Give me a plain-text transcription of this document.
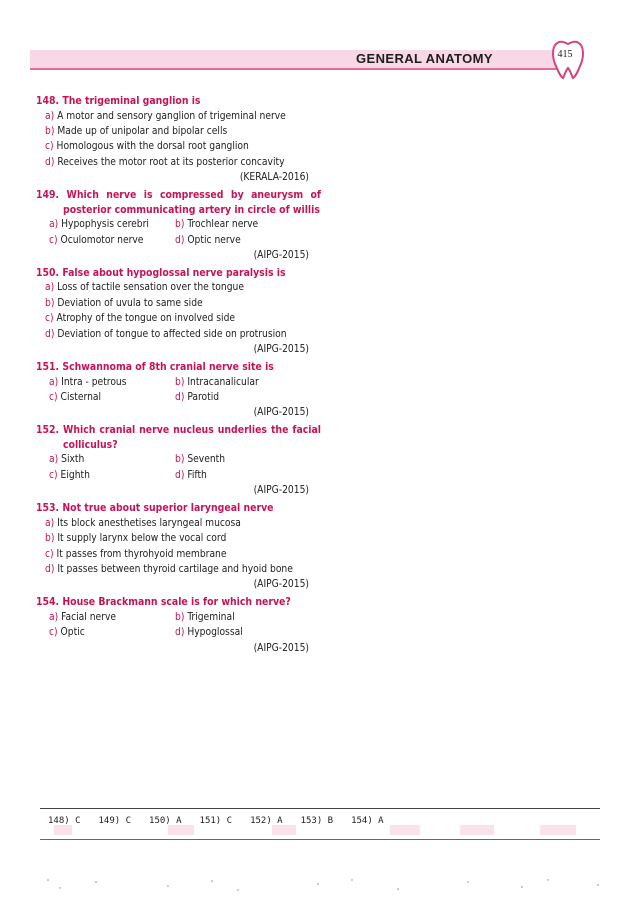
GENERAL ANATOMY	415
148. The trigeminal ganglion is
a) A motor and sensory ganglion of trigeminal nerve
b) Made up of unipolar and bipolar cells
c) Homologous with the dorsal root ganglion
d) Receives the motor root at its posterior concavity
(KERALA-2016)
149. Which nerve is compressed by aneurysm of posterior communicating artery in circle of willis
a) Hypophysis cerebri	b) Trochlear nerve
c) Oculomotor nerve	d) Optic nerve
(AIPG-2015)
150. False about hypoglossal nerve paralysis is
a) Loss of tactile sensation over the tongue
b) Deviation of uvula to same side
c) Atrophy of the tongue on involved side
d) Deviation of tongue to affected side on protrusion
(AIPG-2015)
151. Schwannoma of 8th cranial nerve site is
a) Intra - petrous	b) Intracanalicular
c) Cisternal	d) Parotid
(AIPG-2015)
152. Which cranial nerve nucleus underlies the facial colliculus?
a) Sixth	b) Seventh
c) Eighth	d) Fifth
(AIPG-2015)
153. Not true about superior laryngeal nerve
a) Its block anesthetises laryngeal mucosa
b) It supply larynx below the vocal cord
c) It passes from thyrohyoid membrane
d) It passes between thyroid cartilage and hyoid bone
(AIPG-2015)
154. House Brackmann scale is for which nerve?
a) Facial nerve	b) Trigeminal
c) Optic	d) Hypoglossal
(AIPG-2015)
148) C 149) C 150) A 151) C 152) A 153) B 154) A
